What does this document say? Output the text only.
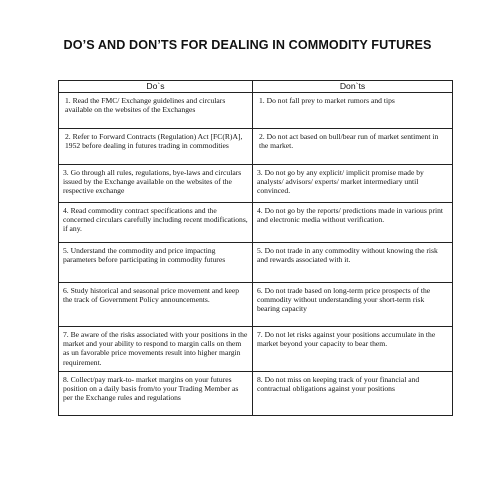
DO’S AND DON’TS FOR DEALING IN COMMODITY FUTURES
Do`s	Don`ts

1. Read the FMC/ Exchange guidelines and circulars available on the websites of the Exchanges	1. Do not fall prey to market rumors and tips

2. Refer to Forward Contracts (Regulation) Act [FC(R)A], 1952 before dealing in futures trading in commodities	2. Do not act based on bull/bear run of market sentiment in the market.

3. Go through all rules, regulations, bye-laws and circulars issued by the Exchange available on the websites of the respective exchange	3. Do not go by any explicit/ implicit promise made by analysts/ advisors/ experts/ market intermediary until convinced.

4. Read commodity contract specifications and the concerned circulars carefully including recent modifications, if any.	4. Do not go by the reports/ predictions made in various print and electronic media without verification.

5. Understand the commodity and price impacting parameters before participating in commodity futures	5. Do not trade in any commodity without knowing the risk and rewards associated with it.

6. Study historical and seasonal price movement and keep the track of Government Policy announcements.	6. Do not trade based on long-term price prospects of the commodity without understanding your short-term risk bearing capacity

7. Be aware of the risks associated with your positions in the market and your ability to respond to margin calls on them as un favorable price movements result into higher margin requirement.	7. Do not let risks against your positions accumulate in the market beyond your capacity to bear them.

8. Collect/pay mark-to- market margins on your futures position on a daily basis from/to your Trading Member as per the Exchange rules and regulations	8. Do not miss on keeping track of your financial and contractual obligations against your positions
